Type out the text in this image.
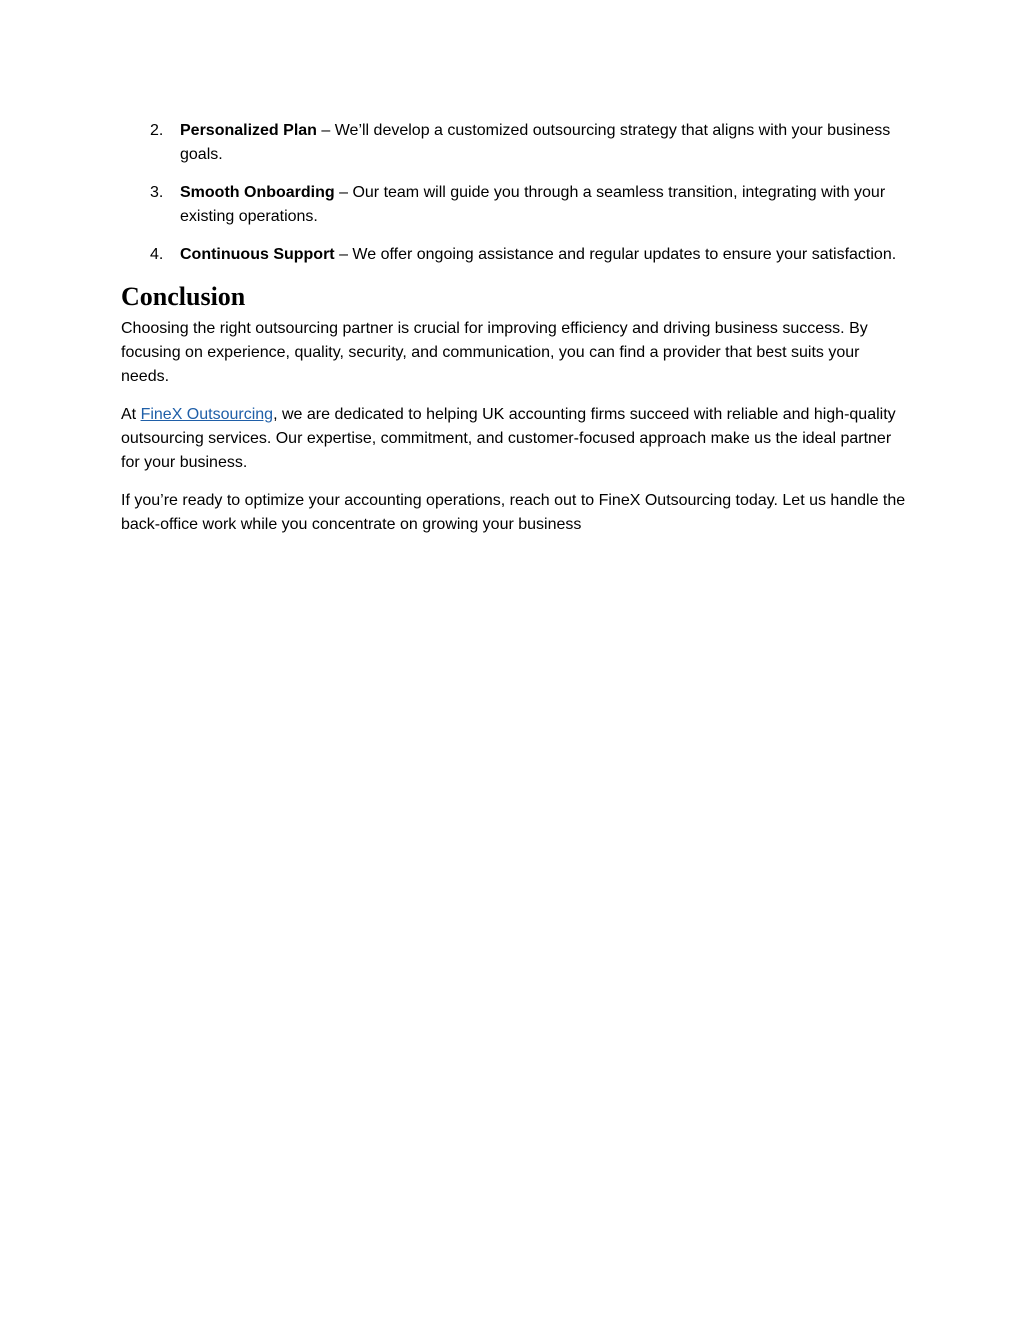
2. Personalized Plan – We’ll develop a customized outsourcing strategy that aligns with your business goals.
3. Smooth Onboarding – Our team will guide you through a seamless transition, integrating with your existing operations.
4. Continuous Support – We offer ongoing assistance and regular updates to ensure your satisfaction.
Conclusion

Choosing the right outsourcing partner is crucial for improving efficiency and driving business success. By focusing on experience, quality, security, and communication, you can find a provider that best suits your needs.

At FineX Outsourcing, we are dedicated to helping UK accounting firms succeed with reliable and high-quality outsourcing services. Our expertise, commitment, and customer-focused approach make us the ideal partner for your business.

If you’re ready to optimize your accounting operations, reach out to FineX Outsourcing today. Let us handle the back-office work while you concentrate on growing your business
